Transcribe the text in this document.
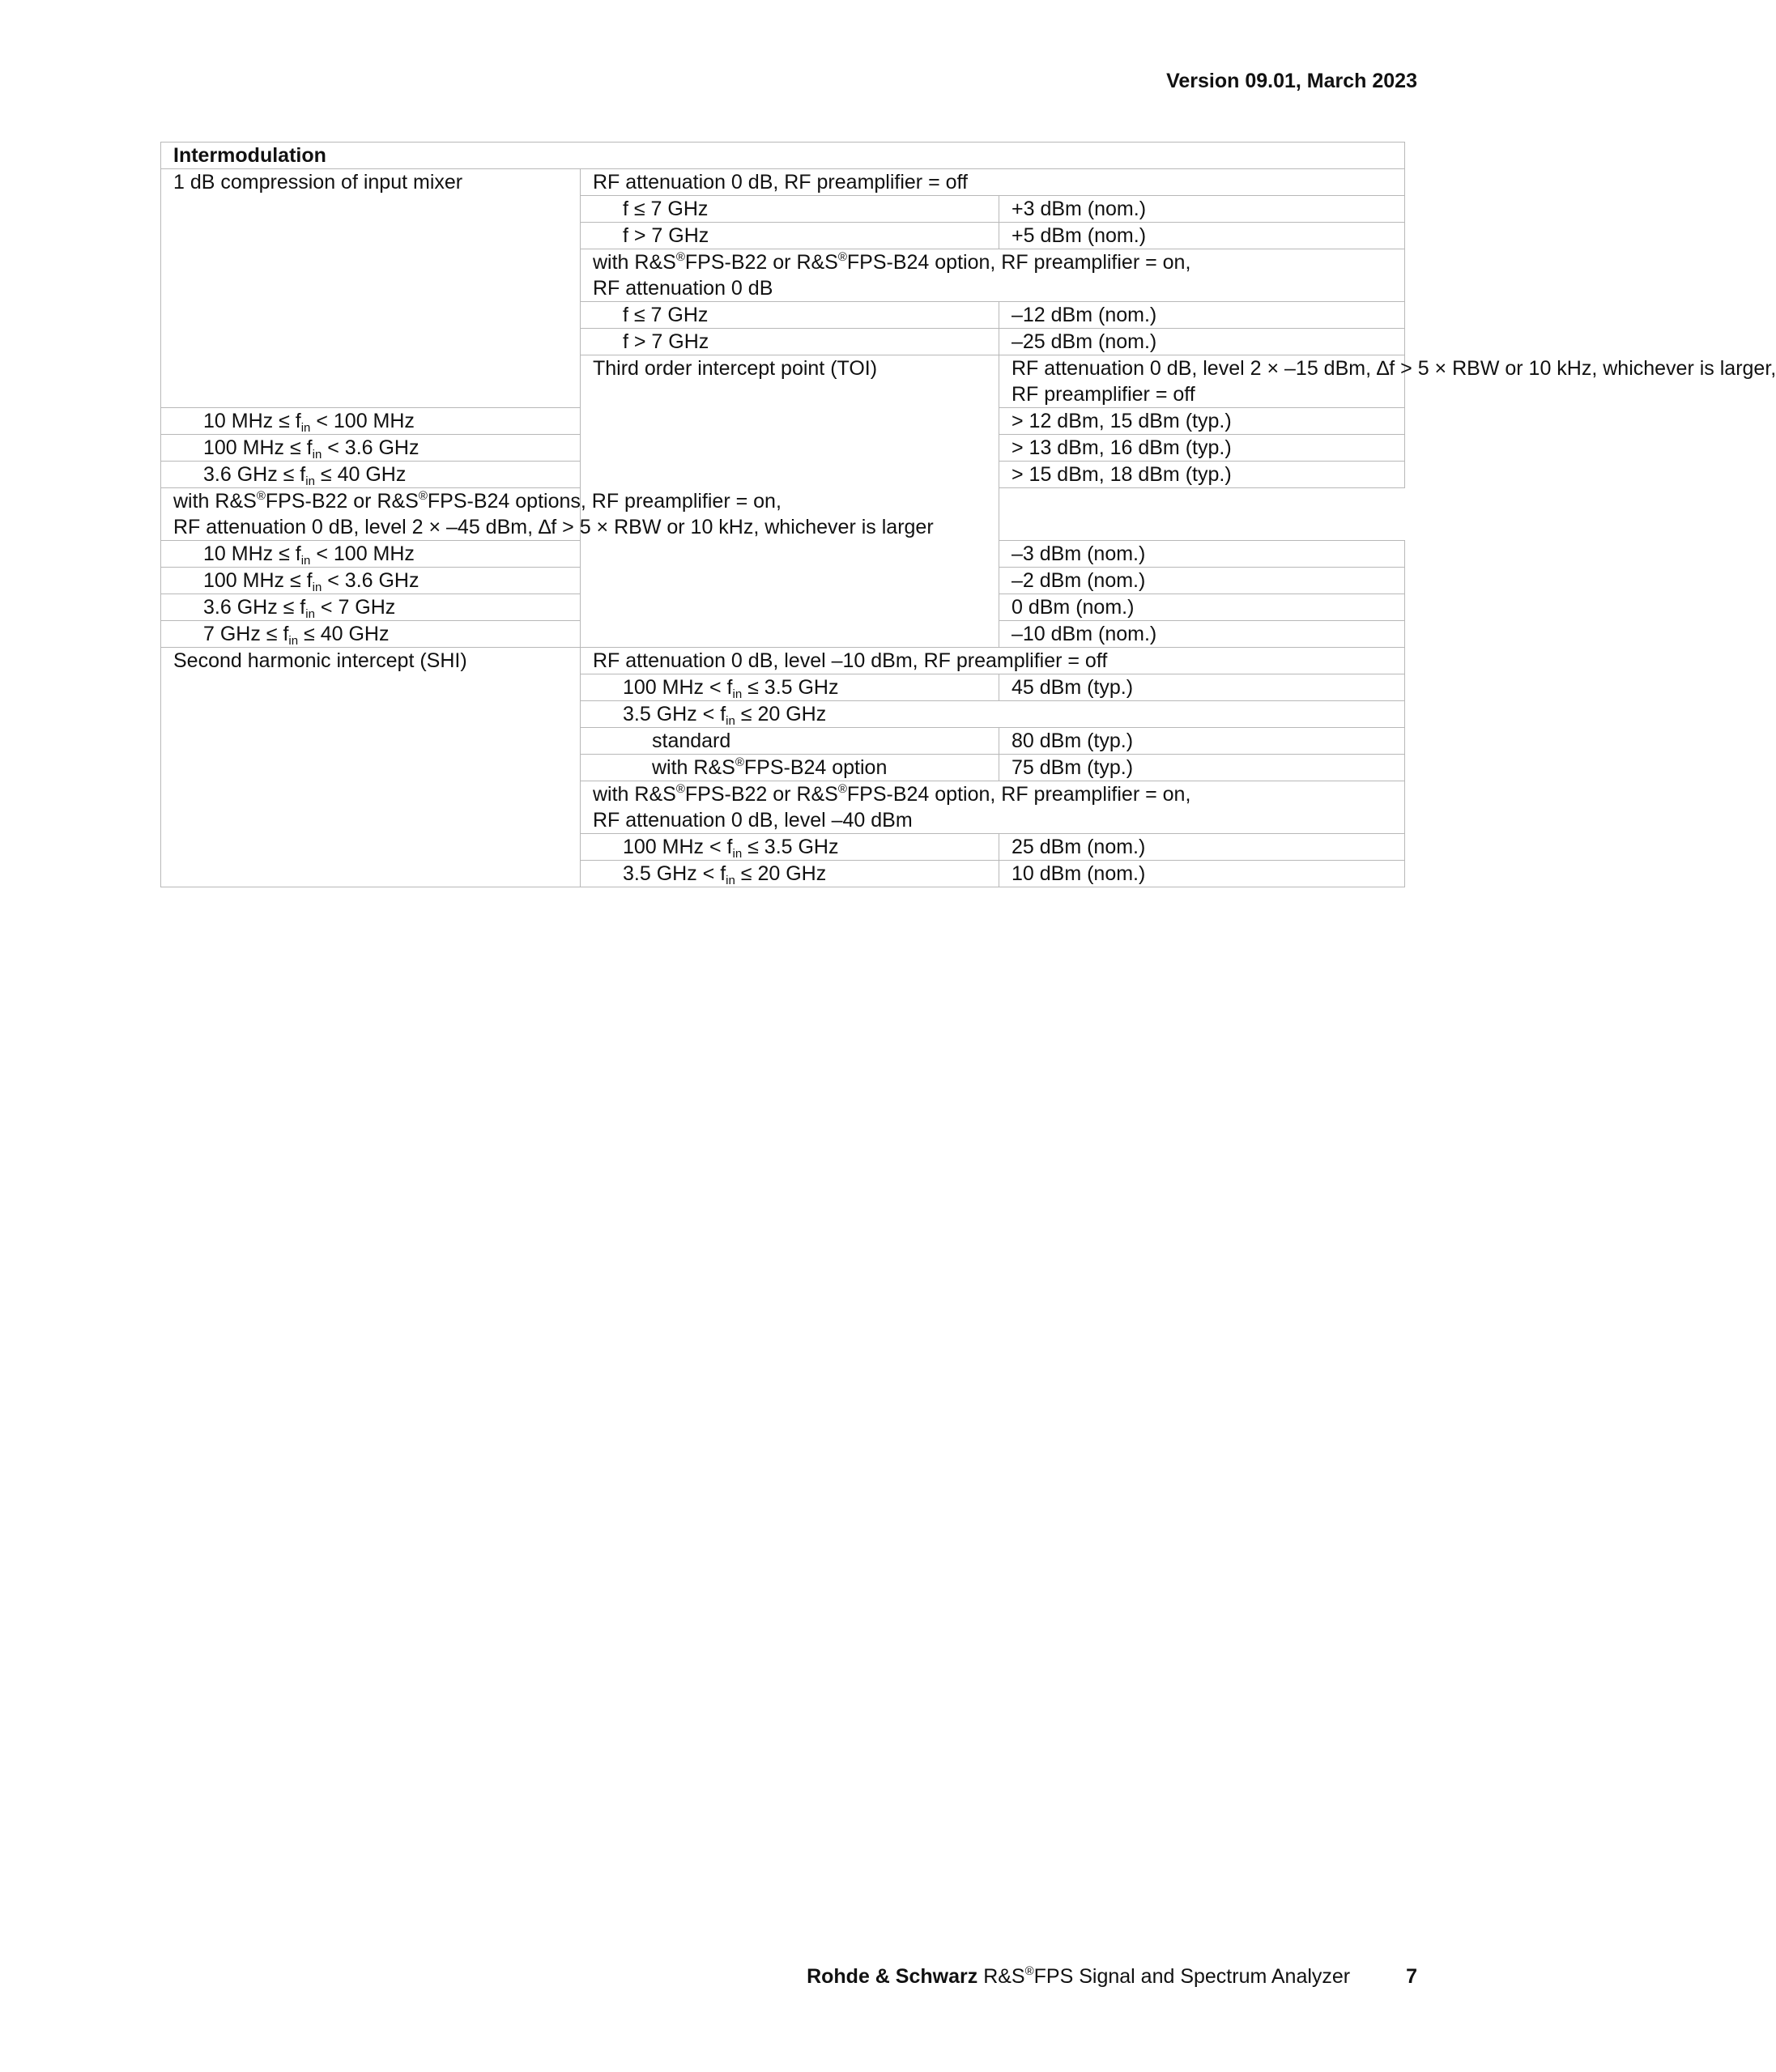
Version 09.01, March 2023
Intermodulation		
1 dB compression of input mixer	RF attenuation 0 dB, RF preamplifier = off	
	f ≤ 7 GHz	+3 dBm (nom.)
	f > 7 GHz	+5 dBm (nom.)
	with R&S®FPS-B22 or R&S®FPS-B24 option, RF preamplifier = on,
RF attenuation 0 dB	
	f ≤ 7 GHz	–12 dBm (nom.)
	f > 7 GHz	–25 dBm (nom.)
	Third order intercept point (TOI)	RF attenuation 0 dB, level 2 × –15 dBm, ∆f > 5 × RBW or 10 kHz, whichever is larger,
RF preamplifier = off
10 MHz ≤ $f_{in} < 100$ MHz		> 12 dBm, 15 dBm (typ.)
100 MHz ≤ $f_{in} < 3.6$ GHz		> 13 dBm, 16 dBm (typ.)
3.6 GHz ≤ $f_{in} \le 40$ GHz		> 15 dBm, 18 dBm (typ.)
with R&S®FPS-B22 or R&S®FPS-B24 options, RF preamplifier = on,
RF attenuation 0 dB, level 2 × –45 dBm, ∆f > 5 × RBW or 10 kHz, whichever is larger		
10 MHz ≤ $f_{in} < 100$ MHz		–3 dBm (nom.)
100 MHz ≤ $f_{in} < 3.6$ GHz		–2 dBm (nom.)
3.6 GHz ≤ $f_{in} < 7$ GHz		0 dBm (nom.)
7 GHz ≤ $f_{in} \le 40$ GHz		–10 dBm (nom.)
Second harmonic intercept (SHI)	RF attenuation 0 dB, level –10 dBm, RF preamplifier = off	
	100 MHz < $f_{in} \le 3.5$ GHz	45 dBm (typ.)
	3.5 GHz < $f_{in} \le 20$ GHz	
	standard	80 dBm (typ.)
	with R&S®FPS-B24 option	75 dBm (typ.)
	with R&S®FPS-B22 or R&S®FPS-B24 option, RF preamplifier = on,
RF attenuation 0 dB, level –40 dBm	
	100 MHz < $f_{in} \le 3.5$ GHz	25 dBm (nom.)
	3.5 GHz < $f_{in} \le 20$ GHz	10 dBm (nom.)
Rohde & Schwarz R&S®FPS Signal and Spectrum Analyzer	7
